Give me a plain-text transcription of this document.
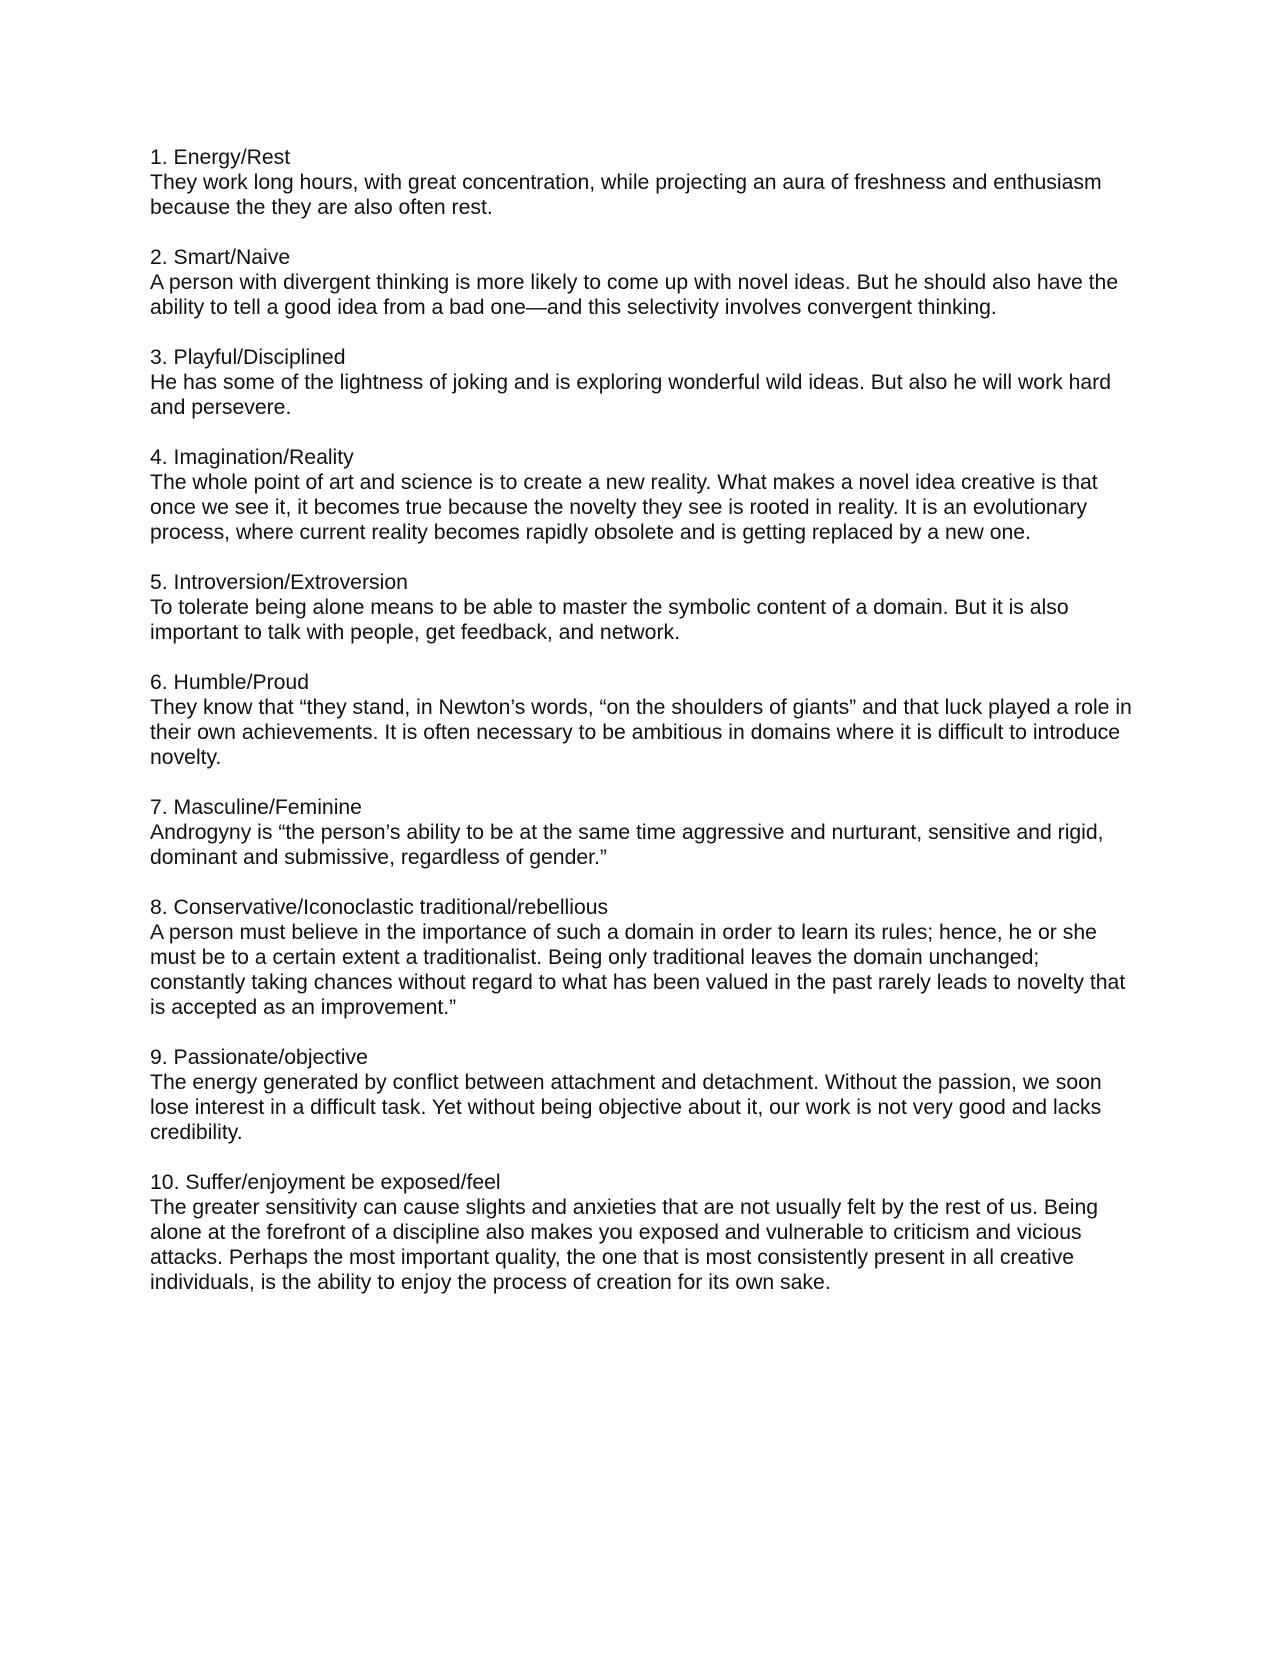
1. Energy/Rest
They work long hours, with great concentration, while projecting an aura of freshness and enthusiasm because the they are also often rest.
2. Smart/Naive
A person with divergent thinking is more likely to come up with novel ideas. But he should also have the ability to tell a good idea from a bad one—and this selectivity involves convergent thinking.
3. Playful/Disciplined
He has some of the lightness of joking and is exploring wonderful wild ideas. But also he will work hard and persevere.
4. Imagination/Reality
The whole point of art and science is to create a new reality. What makes a novel idea creative is that once we see it, it becomes true because the novelty they see is rooted in reality. It is an evolutionary process, where current reality becomes rapidly obsolete and is getting replaced by a new one.
5. Introversion/Extroversion
To tolerate being alone means to be able to master the symbolic content of a domain. But it is also important to talk with people, get feedback, and network.
6. Humble/Proud
They know that “they stand, in Newton’s words, “on the shoulders of giants” and that luck played a role in their own achievements. It is often necessary to be ambitious in domains where it is difficult to introduce novelty.
7. Masculine/Feminine
Androgyny is “the person’s ability to be at the same time aggressive and nurturant, sensitive and rigid, dominant and submissive, regardless of gender.”
8. Conservative/Iconoclastic traditional/rebellious
A person must believe in the importance of such a domain in order to learn its rules; hence, he or she must be to a certain extent a traditionalist. Being only traditional leaves the domain unchanged; constantly taking chances without regard to what has been valued in the past rarely leads to novelty that is accepted as an improvement.”
9. Passionate/objective
The energy generated by conflict between attachment and detachment. Without the passion, we soon lose interest in a difficult task. Yet without being objective about it, our work is not very good and lacks credibility.
10. Suffer/enjoyment be exposed/feel
The greater sensitivity can cause slights and anxieties that are not usually felt by the rest of us. Being alone at the forefront of a discipline also makes you exposed and vulnerable to criticism and vicious attacks. Perhaps the most important quality, the one that is most consistently present in all creative individuals, is the ability to enjoy the process of creation for its own sake.
